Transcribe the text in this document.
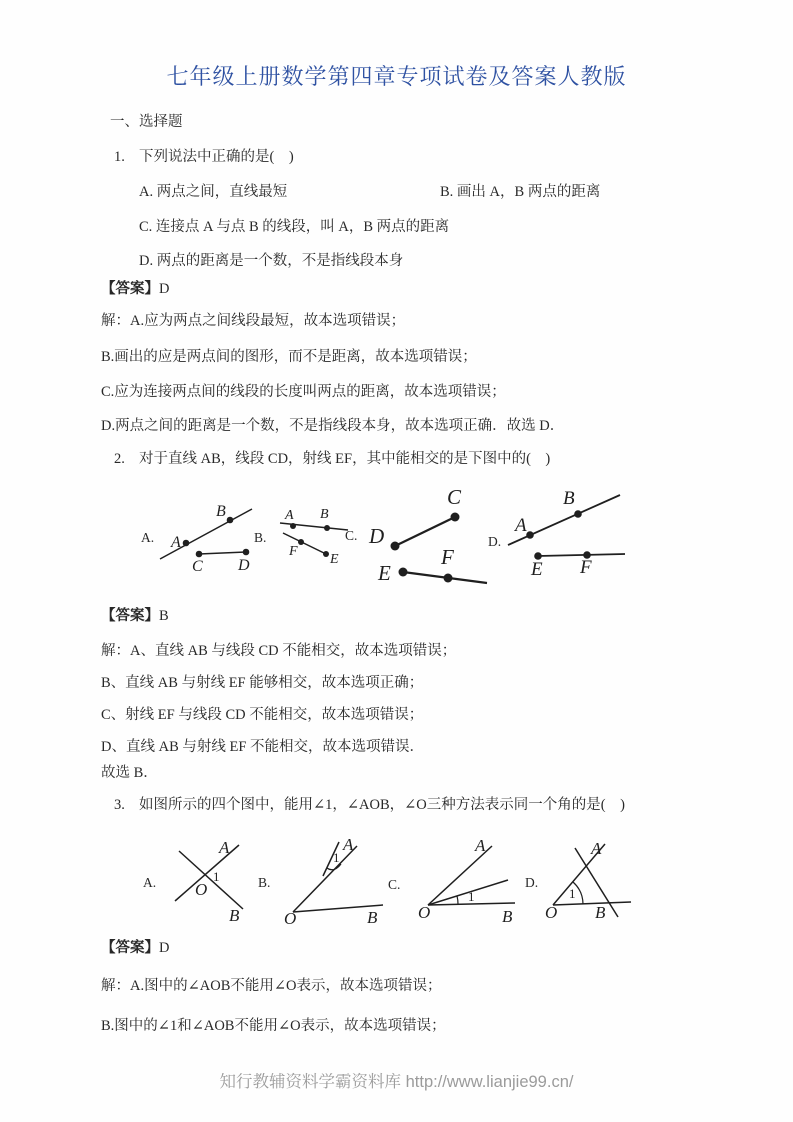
七年级上册数学第四章专项试卷及答案人教版
一、选择题
1. 下列说法中正确的是(　)
A. 两点之间，直线最短	B. 画出 A，B 两点的距离
C. 连接点 A 与点 B 的线段，叫 A，B 两点的距离
D. 两点的距离是一个数，不是指线段本身
【答案】D
解：A.应为两点之间线段最短，故本选项错误；
B.画出的应是两点间的图形，而不是距离，故本选项错误；
C.应为连接两点间的线段的长度叫两点的距离，故本选项错误；
D.两点之间的距离是一个数，不是指线段本身，故本选项正确．故选 D．
2. 对于直线 AB，线段 CD，射线 EF，其中能相交的是下图中的(　)
A. A
B
C D
B.
A B
F
E
C. D
C
E
F
D.
A
B
E F
【答案】B
解：A、直线 AB 与线段 CD 不能相交，故本选项错误；
B、直线 AB 与射线 EF 能够相交，故本选项正确；
C、射线 EF 与线段 CD 不能相交，故本选项错误；
D、直线 AB 与射线 EF 不能相交，故本选项错误．
故选 B．
3. 如图所示的四个图中，能用∠1，∠AOB，∠O三种方法表示同一个角的是(　)
A.
A
B
O
1	B.
A
1
O	B
C.
A
1
O	B
D.
A
1
O B
【答案】D
解：A.图中的∠AOB不能用∠O表示，故本选项错误；
B.图中的∠1和∠AOB不能用∠O表示，故本选项错误；
知行教辅资料学霸资料库 http://www.lianjie99.cn/
